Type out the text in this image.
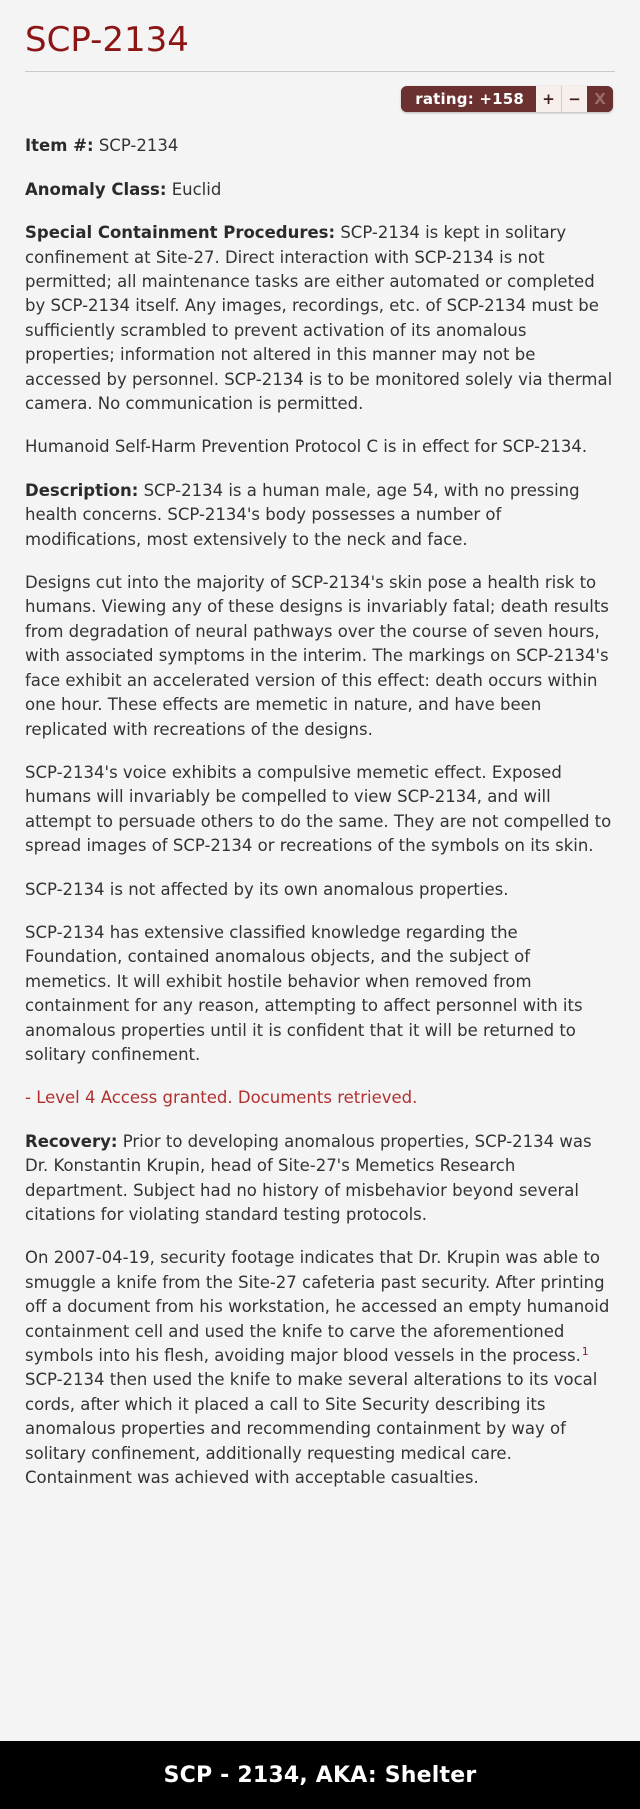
SCP-2134
rating: +158	+ − X

Item #: SCP-2134

Anomaly Class: Euclid

Special Containment Procedures: SCP-2134 is kept in solitary confinement at Site-27. Direct interaction with SCP-2134 is not permitted; all maintenance tasks are either automated or completed by SCP-2134 itself. Any images, recordings, etc. of SCP-2134 must be sufficiently scrambled to prevent activation of its anomalous properties; information not altered in this manner may not be accessed by personnel. SCP-2134 is to be monitored solely via thermal camera. No communication is permitted.

Humanoid Self-Harm Prevention Protocol C is in effect for SCP-2134.

Description: SCP-2134 is a human male, age 54, with no pressing health concerns. SCP-2134's body possesses a number of modifications, most extensively to the neck and face.

Designs cut into the majority of SCP-2134's skin pose a health risk to humans. Viewing any of these designs is invariably fatal; death results from degradation of neural pathways over the course of seven hours, with associated symptoms in the interim. The markings on SCP-2134's face exhibit an accelerated version of this effect: death occurs within one hour. These effects are memetic in nature, and have been replicated with recreations of the designs.

SCP-2134's voice exhibits a compulsive memetic effect. Exposed humans will invariably be compelled to view SCP-2134, and will attempt to persuade others to do the same. They are not compelled to spread images of SCP-2134 or recreations of the symbols on its skin.

SCP-2134 is not affected by its own anomalous properties.

SCP-2134 has extensive classified knowledge regarding the Foundation, contained anomalous objects, and the subject of memetics. It will exhibit hostile behavior when removed from containment for any reason, attempting to affect personnel with its anomalous properties until it is confident that it will be returned to solitary confinement.

- Level 4 Access granted. Documents retrieved.

Recovery: Prior to developing anomalous properties, SCP-2134 was Dr. Konstantin Krupin, head of Site-27's Memetics Research department. Subject had no history of misbehavior beyond several citations for violating standard testing protocols.

On 2007-04-19, security footage indicates that Dr. Krupin was able to smuggle a knife from the Site-27 cafeteria past security. After printing off a document from his workstation, he accessed an empty humanoid containment cell and used the knife to carve the aforementioned symbols into his flesh, avoiding major blood vessels in the process.$^1$ SCP-2134 then used the knife to make several alterations to its vocal cords, after which it placed a call to Site Security describing its anomalous properties and recommending containment by way of solitary confinement, additionally requesting medical care. Containment was achieved with acceptable casualties.

SCP - 2134, AKA: Shelter
